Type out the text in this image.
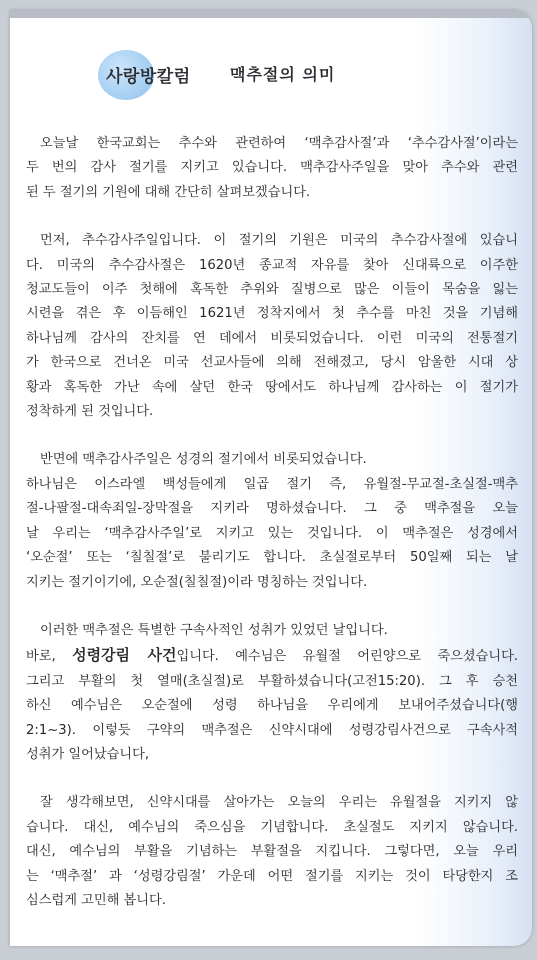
사랑방칼럼 맥추절의 의미
오늘날 한국교회는 추수와 관련하여 ‘맥추감사절’과 ‘추수감사절’이라는
두 번의 감사 절기를 지키고 있습니다. 맥추감사주일을 맞아 추수와 관련
된 두 절기의 기원에 대해 간단히 살펴보겠습니다.
먼저, 추수감사주일입니다. 이 절기의 기원은 미국의 추수감사절에 있습니
다. 미국의 추수감사절은 1620년 종교적 자유를 찾아 신대륙으로 이주한
청교도들이 이주 첫해에 혹독한 추위와 질병으로 많은 이들이 목숨을 잃는
시련을 겪은 후 이듬해인 1621년 정착지에서 첫 추수를 마친 것을 기념해
하나님께 감사의 잔치를 연 데에서 비롯되었습니다. 이런 미국의 전통절기
가 한국으로 건너온 미국 선교사들에 의해 전해졌고, 당시 암울한 시대 상
황과 혹독한 가난 속에 살던 한국 땅에서도 하나님께 감사하는 이 절기가
정착하게 된 것입니다.
반면에 맥추감사주일은 성경의 절기에서 비롯되었습니다.
하나님은 이스라엘 백성들에게 일곱 절기 즉, 유월절-무교절-초실절-맥추
절-나팔절-대속죄일-장막절을 지키라 명하셨습니다. 그 중 맥추절을 오늘
날 우리는 ‘맥추감사주일’로 지키고 있는 것입니다. 이 맥추절은 성경에서
‘오순절’ 또는 ‘칠칠절’로 불리기도 합니다. 초실절로부터 50일째 되는 날
지키는 절기이기에, 오순절(칠칠절)이라 명칭하는 것입니다.
이러한 맥추절은 특별한 구속사적인 성취가 있었던 날입니다.
바로, 성령강림 사건입니다. 예수님은 유월절 어린양으로 죽으셨습니다.
그리고 부활의 첫 열매(초실절)로 부활하셨습니다(고전15:20). 그 후 승천
하신 예수님은 오순절에 성령 하나님을 우리에게 보내어주셨습니다(행
2:1~3). 이렇듯 구약의 맥추절은 신약시대에 성령강림사건으로 구속사적
성취가 일어났습니다,
잘 생각해보면, 신약시대를 살아가는 오늘의 우리는 유월절을 지키지 않
습니다. 대신, 예수님의 죽으심을 기념합니다. 초실절도 지키지 않습니다.
대신, 예수님의 부활을 기념하는 부활절을 지킵니다. 그렇다면, 오늘 우리
는 ‘맥추절’ 과 ‘성령강림절’ 가운데 어떤 절기를 지키는 것이 타당한지 조
심스럽게 고민해 봅니다.
